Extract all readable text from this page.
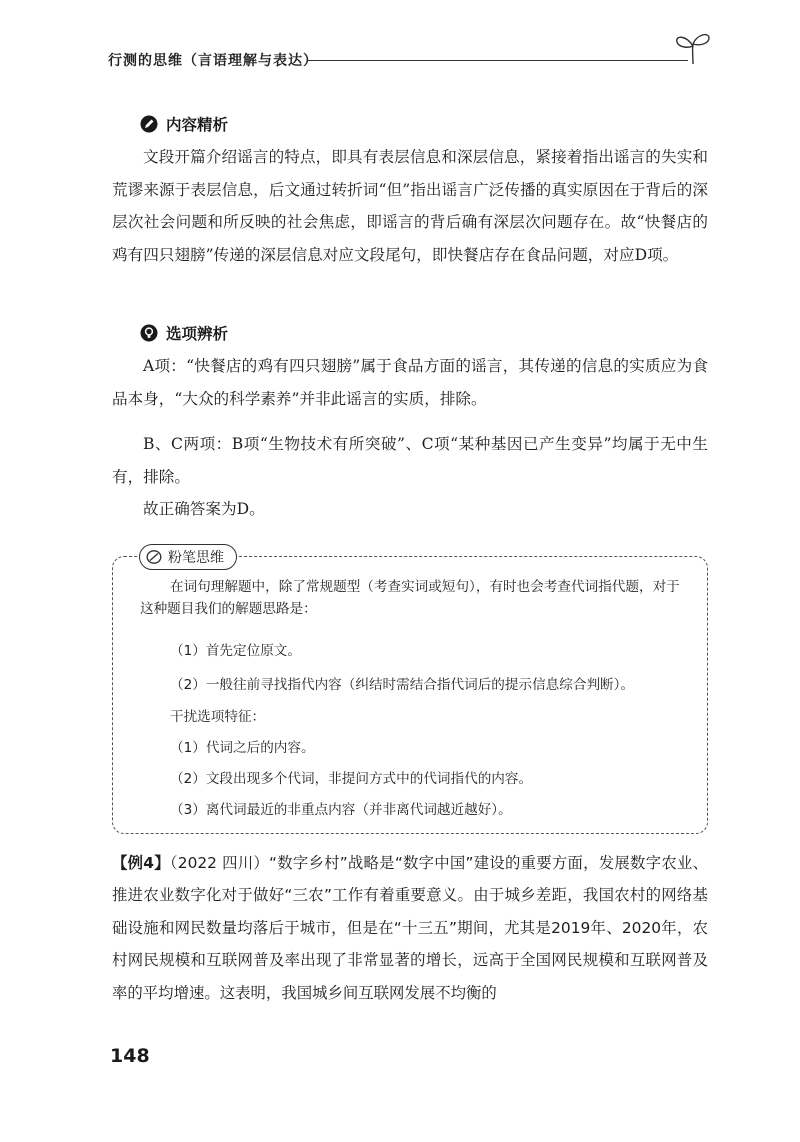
行测的思维（言语理解与表达）
内容精析

文段开篇介绍谣言的特点，即具有表层信息和深层信息，紧接着指出谣言的失实和荒谬来源于表层信息，后文通过转折词“但”指出谣言广泛传播的真实原因在于背后的深层次社会问题和所反映的社会焦虑，即谣言的背后确有深层次问题存在。故“快餐店的鸡有四只翅膀”传递的深层信息对应文段尾句，即快餐店存在食品问题，对应D项。

选项辨析

A项：“快餐店的鸡有四只翅膀”属于食品方面的谣言，其传递的信息的实质应为食品本身，“大众的科学素养”并非此谣言的实质，排除。

B、C两项：B项“生物技术有所突破”、C项“某种基因已产生变异”均属于无中生有，排除。

故正确答案为D。

粉笔思维

在词句理解题中，除了常规题型（考查实词或短句），有时也会考查代词指代题，对于这种题目我们的解题思路是：

（1）首先定位原文。

（2）一般往前寻找指代内容（纠结时需结合指代词后的提示信息综合判断）。

干扰选项特征：

（1）代词之后的内容。

（2）文段出现多个代词，非提问方式中的代词指代的内容。

（3）离代词最近的非重点内容（并非离代词越近越好）。

【例4】（2022 四川）“数字乡村”战略是“数字中国”建设的重要方面，发展数字农业、推进农业数字化对于做好“三农”工作有着重要意义。由于城乡差距，我国农村的网络基础设施和网民数量均落后于城市，但是在“十三五”期间，尤其是2019年、2020年，农村网民规模和互联网普及率出现了非常显著的增长，远高于全国网民规模和互联网普及率的平均增速。这表明，我国城乡间互联网发展不均衡的

148
